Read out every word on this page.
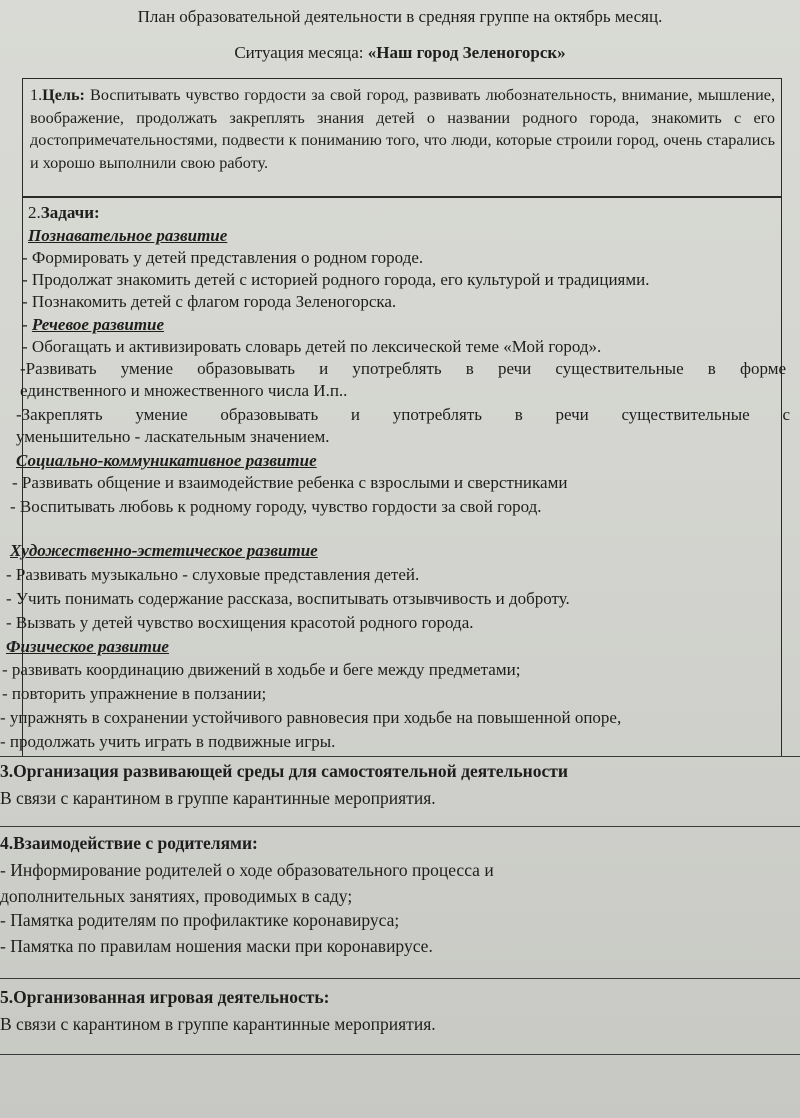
План образовательной деятельности в средняя группе на октябрь месяц.
Ситуация месяца: «Наш город Зеленогорск»
1.Цель: Воспитывать чувство гордости за свой город, развивать любознательность, внимание, мышление, воображение, продолжать закреплять знания детей о названии родного города, знакомить с его достопримечательностями, подвести к пониманию того, что люди, которые строили город, очень старались и хорошо выполнили свою работу.
2.Задачи:
Познавательное развитие
- Формировать у детей представления о родном городе.
- Продолжат знакомить детей с историей родного города, его культурой и традициями.
- Познакомить детей с флагом города Зеленогорска.
- Речевое развитие
- Обогащать и активизировать словарь детей по лексической теме «Мой город».
-Развивать умение образовывать и употреблять в речи существительные в форме
единственного и множественного числа И.п..
-Закреплять умение образовывать и употреблять в речи существительные с
уменьшительно - ласкательным значением.
Социально-коммуникативное развитие
- Развивать общение и взаимодействие ребенка с взрослыми и сверстниками
- Воспитывать любовь к родному городу, чувство гордости за свой город.
Художественно-эстетическое развитие
- Развивать музыкально - слуховые представления детей.
- Учить понимать содержание рассказа, воспитывать отзывчивость и доброту.
- Вызвать у детей чувство восхищения красотой родного города.
Физическое развитие
- развивать координацию движений в ходьбе и беге между предметами;
- повторить упражнение в ползании;
- упражнять в сохранении устойчивого равновесия при ходьбе на повышенной опоре,
- продолжать учить играть в подвижные игры.
3.Организация развивающей среды для самостоятельной деятельности
В связи с карантином в группе карантинные мероприятия.
4.Взаимодействие с родителями:
- Информирование родителей о ходе образовательного процесса и
дополнительных занятиях, проводимых в саду;
- Памятка родителям по профилактике коронавируса;
- Памятка по правилам ношения маски при коронавирусе.
5.Организованная игровая деятельность:
В связи с карантином в группе карантинные мероприятия.
